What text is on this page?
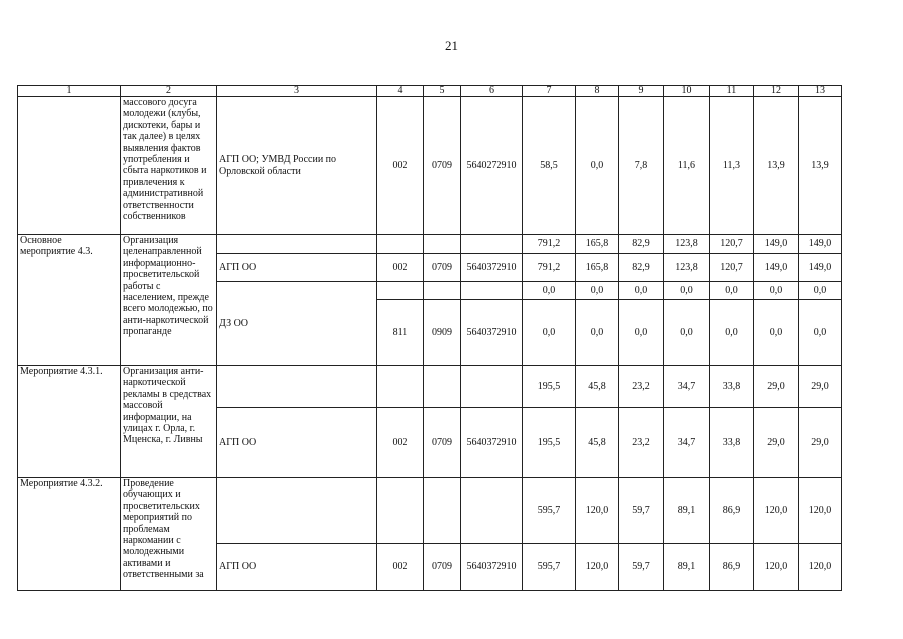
21
1	2	3	4	5	6	7	8	9	10	11	12	13
	массового досуга молодежи (клубы, дискотеки, бары и так далее) в целях выявления фактов употребления и сбыта наркотиков и привлечения к административной ответственности собственников	АГП ОО; УМВД России по Орловской области	002	0709	5640272910	58,5	0,0	7,8	11,6	11,3	13,9	13,9
Основное мероприятие 4.3.	Организация целенаправленной информационно-просветительской работы с населением, прежде всего молодежью, по анти-наркотической пропаганде					791,2	165,8	82,9	123,8	120,7	149,0	149,0
		АГП ОО	002	0709	5640372910	791,2	165,8	82,9	123,8	120,7	149,0	149,0
		ДЗ ОО				0,0	0,0	0,0	0,0	0,0	0,0	0,0
			811	0909	5640372910	0,0	0,0	0,0	0,0	0,0	0,0	0,0
Мероприятие 4.3.1.	Организация анти-наркотической рекламы в средствах массовой информации, на улицах г. Орла, г. Мценска, г. Ливны					195,5	45,8	23,2	34,7	33,8	29,0	29,0
		АГП ОО	002	0709	5640372910	195,5	45,8	23,2	34,7	33,8	29,0	29,0
Мероприятие 4.3.2.	Проведение обучающих и просветительских мероприятий по проблемам наркомании с молодежными активами и ответственными за					595,7	120,0	59,7	89,1	86,9	120,0	120,0
		АГП ОО	002	0709	5640372910	595,7	120,0	59,7	89,1	86,9	120,0	120,0
